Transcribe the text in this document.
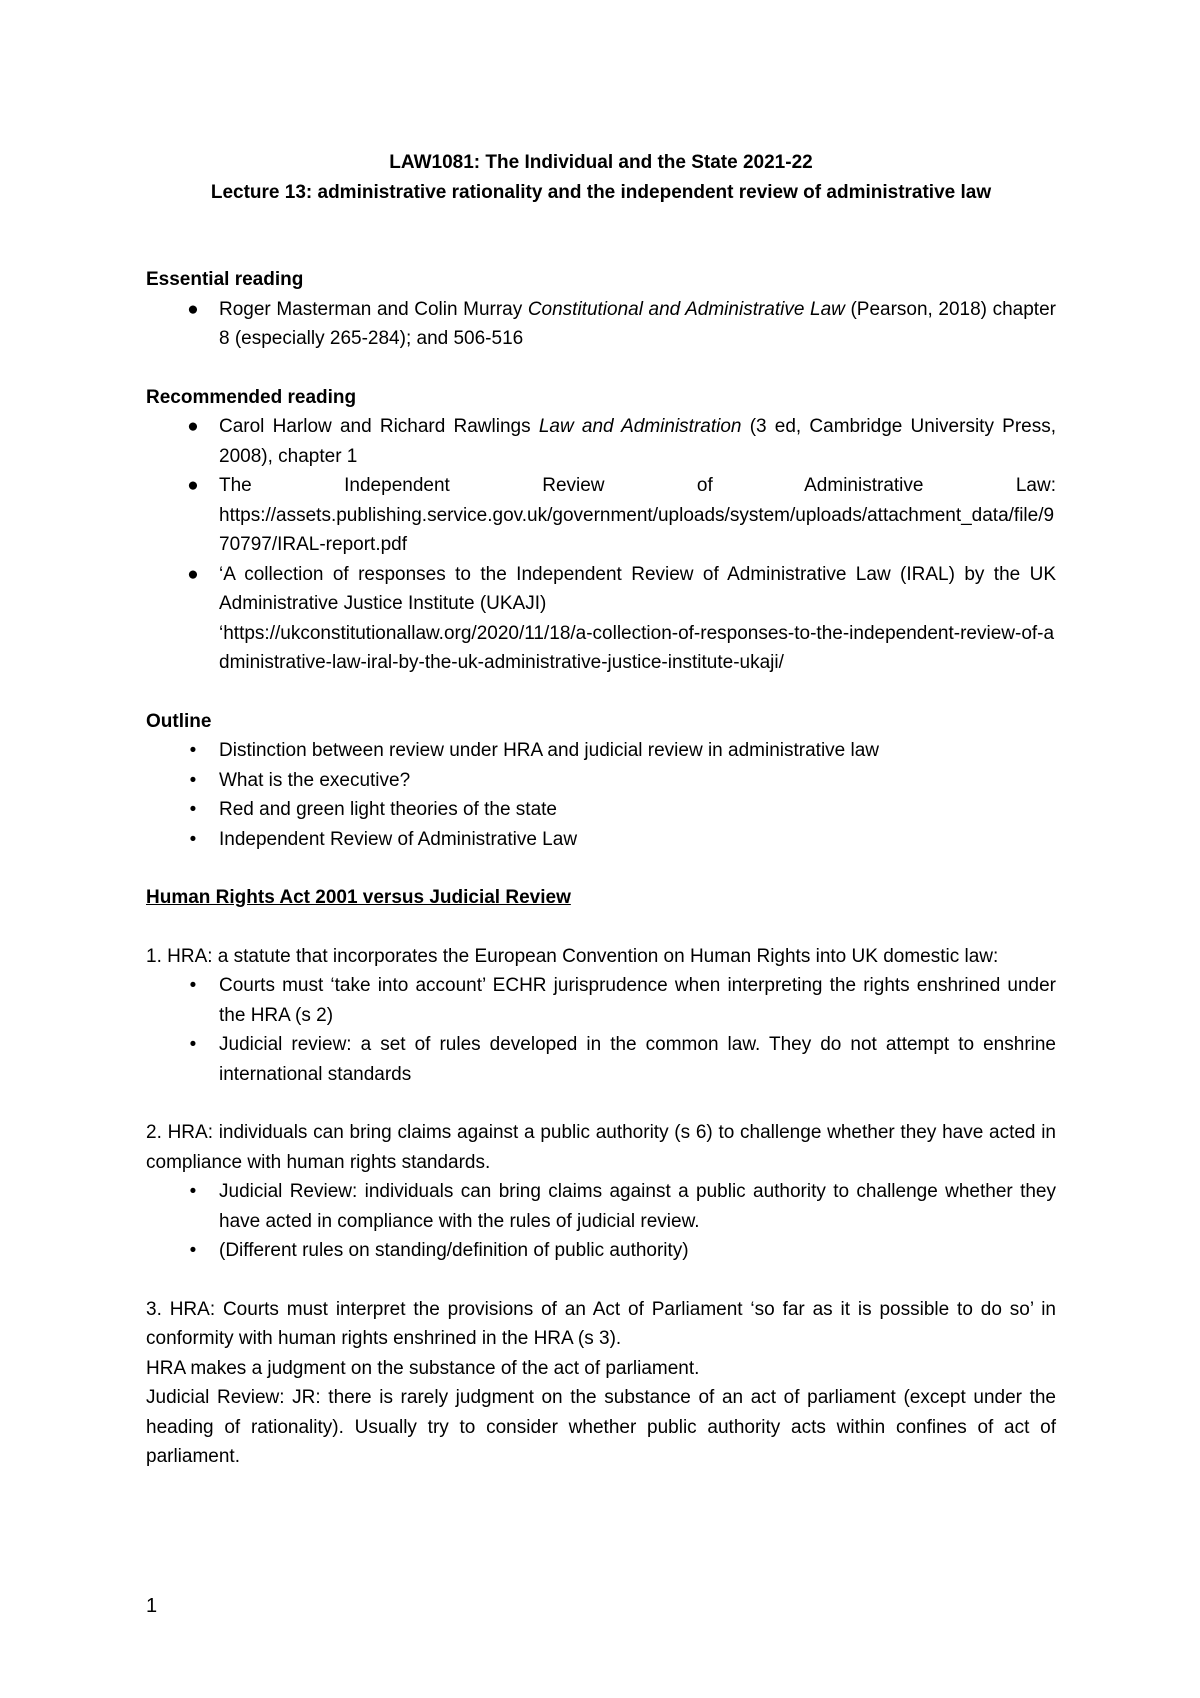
LAW1081: The Individual and the State 2021-22

Lecture 13: administrative rationality and the independent review of administrative law

Essential reading

● Roger Masterman and Colin Murray Constitutional and Administrative Law (Pearson, 2018) chapter 8 (especially 265-284); and 506-516

Recommended reading

● Carol Harlow and Richard Rawlings Law and Administration (3 ed, Cambridge University Press, 2008), chapter 1
● The Independent Review of Administrative Law:
https://assets.publishing.service.gov.uk/government/uploads/system/uploads/attachment_data/file/970797/IRAL-report.pdf
● ‘A collection of responses to the Independent Review of Administrative Law (IRAL) by the UK Administrative Justice Institute (UKAJI)
‘https://ukconstitutionallaw.org/2020/11/18/a-collection-of-responses-to-the-independent-review-of-administrative-law-iral-by-the-uk-administrative-justice-institute-ukaji/

Outline

•	Distinction between review under HRA and judicial review in administrative law
•	What is the executive?
•	Red and green light theories of the state
•	Independent Review of Administrative Law

Human Rights Act 2001 versus Judicial Review

1. HRA: a statute that incorporates the European Convention on Human Rights into UK domestic law:

•	Courts must ‘take into account’ ECHR jurisprudence when interpreting the rights enshrined under the HRA (s 2)
•	Judicial review: a set of rules developed in the common law. They do not attempt to enshrine international standards

2. HRA: individuals can bring claims against a public authority (s 6) to challenge whether they have acted in compliance with human rights standards.

•	Judicial Review: individuals can bring claims against a public authority to challenge whether they have acted in compliance with the rules of judicial review.
•	(Different rules on standing/definition of public authority)

3. HRA: Courts must interpret the provisions of an Act of Parliament ‘so far as it is possible to do so’ in conformity with human rights enshrined in the HRA (s 3).

HRA makes a judgment on the substance of the act of parliament.

Judicial Review: JR: there is rarely judgment on the substance of an act of parliament (except under the heading of rationality). Usually try to consider whether public authority acts within confines of act of parliament.

1
